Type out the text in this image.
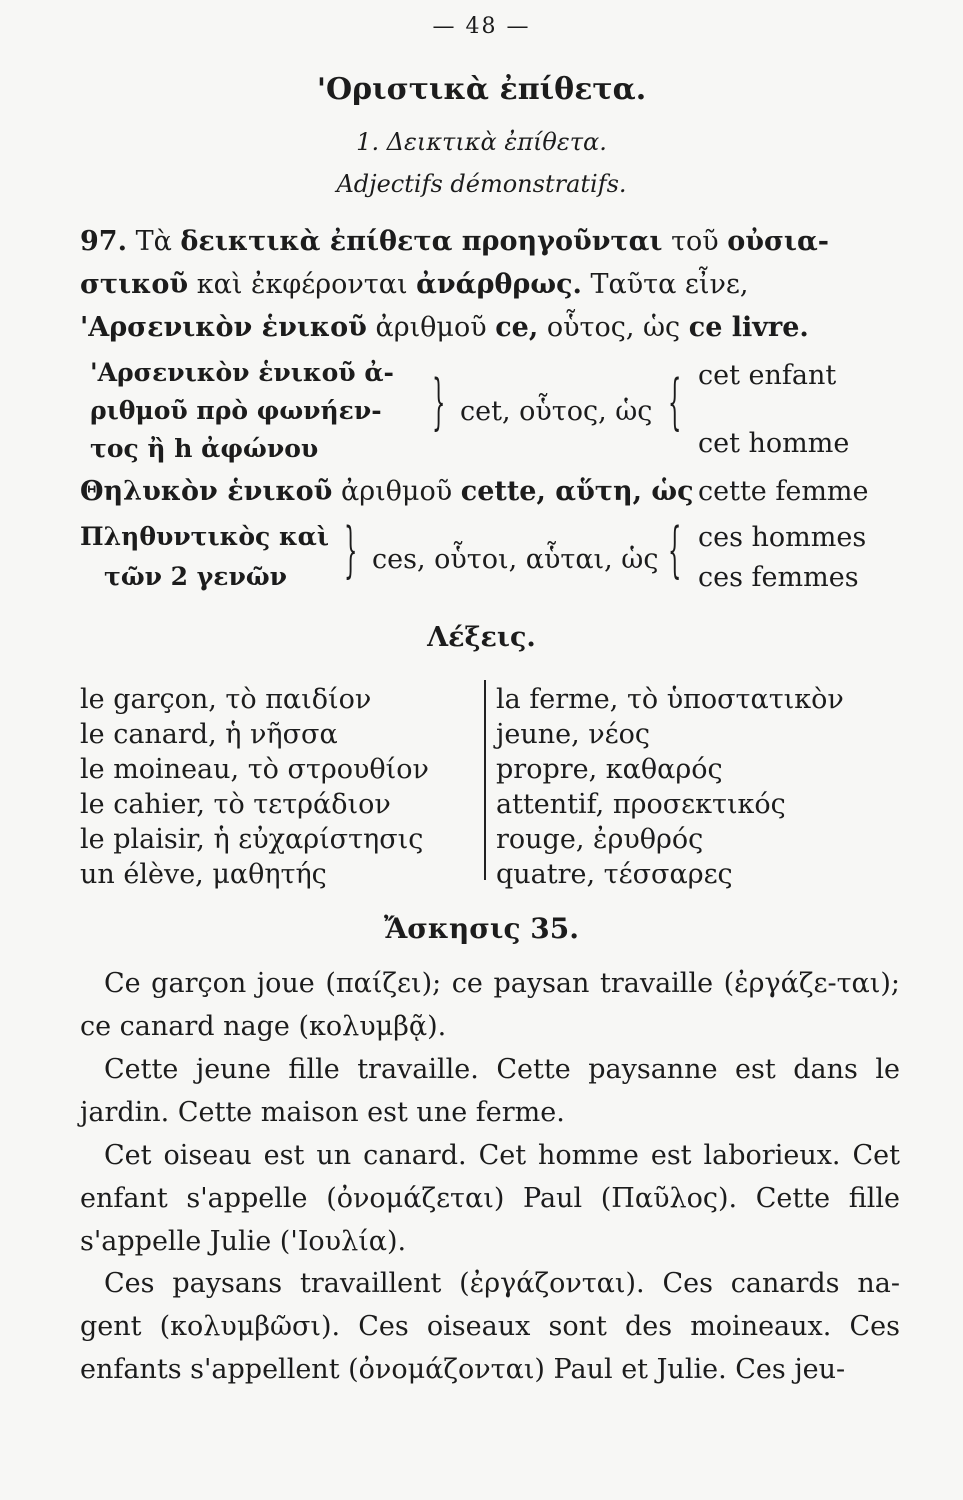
— 48 —
'Οριστικὰ ἐπίθετα.
1. Δεικτικὰ ἐπίθετα.
Adjectifs démonstratifs.
97. Τὰ δεικτικὰ ἐπίθετα προηγοῦνται τοῦ οὐσια-στικοῦ καὶ ἐκφέρονται ἀνάρθρως. Ταῦτα εἶνε, 'Αρσενικὸν ἑνικοῦ ἀριθμοῦ ce, οὗτος, ὡς ce livre.
'Αρσενικὸν ἑνικοῦ ἀ-
ριθμοῦ πρὸ φωνήεν-
τος ἢ h ἀφώνου
} cet, οὗτος, ὡς { cet enfant
cet homme
Θηλυκὸν ἑνικοῦ ἀριθμοῦ cette, αὕτη, ὡς cette femme
Πληθυντικὸς καὶ
τῶν 2 γενῶν } ces, οὗτοι, αὗται, ὡς { ces hommes
ces femmes
Λέξεις.
le garçon, τὸ παιδίον
le canard, ἡ νῆσσα
le moineau, τὸ στρουθίον
le cahier, τὸ τετράδιον
le plaisir, ἡ εὐχαρίστησις
un élève, μαθητής
la ferme, τὸ ὑποστατικὸν
jeune, νέος
propre, καθαρός
attentif, προσεκτικός
rouge, ἐρυθρός
quatre, τέσσαρες
Ἄσκησις 35.
Ce garçon joue (παίζει); ce paysan travaille (ἐργάζε-ται); ce canard nage (κολυμβᾷ).
Cette jeune fille travaille. Cette paysanne est dans le jardin. Cette maison est une ferme.
Cet oiseau est un canard. Cet homme est laborieux. Cet enfant s'appelle (ὀνομάζεται) Paul (Παῦλος). Cette fille s'appelle Julie ('Ιουλία).
Ces paysans travaillent (ἐργάζονται). Ces canards na-gent (κολυμβῶσι). Ces oiseaux sont des moineaux. Ces enfants s'appellent (ὀνομάζονται) Paul et Julie. Ces jeu-
